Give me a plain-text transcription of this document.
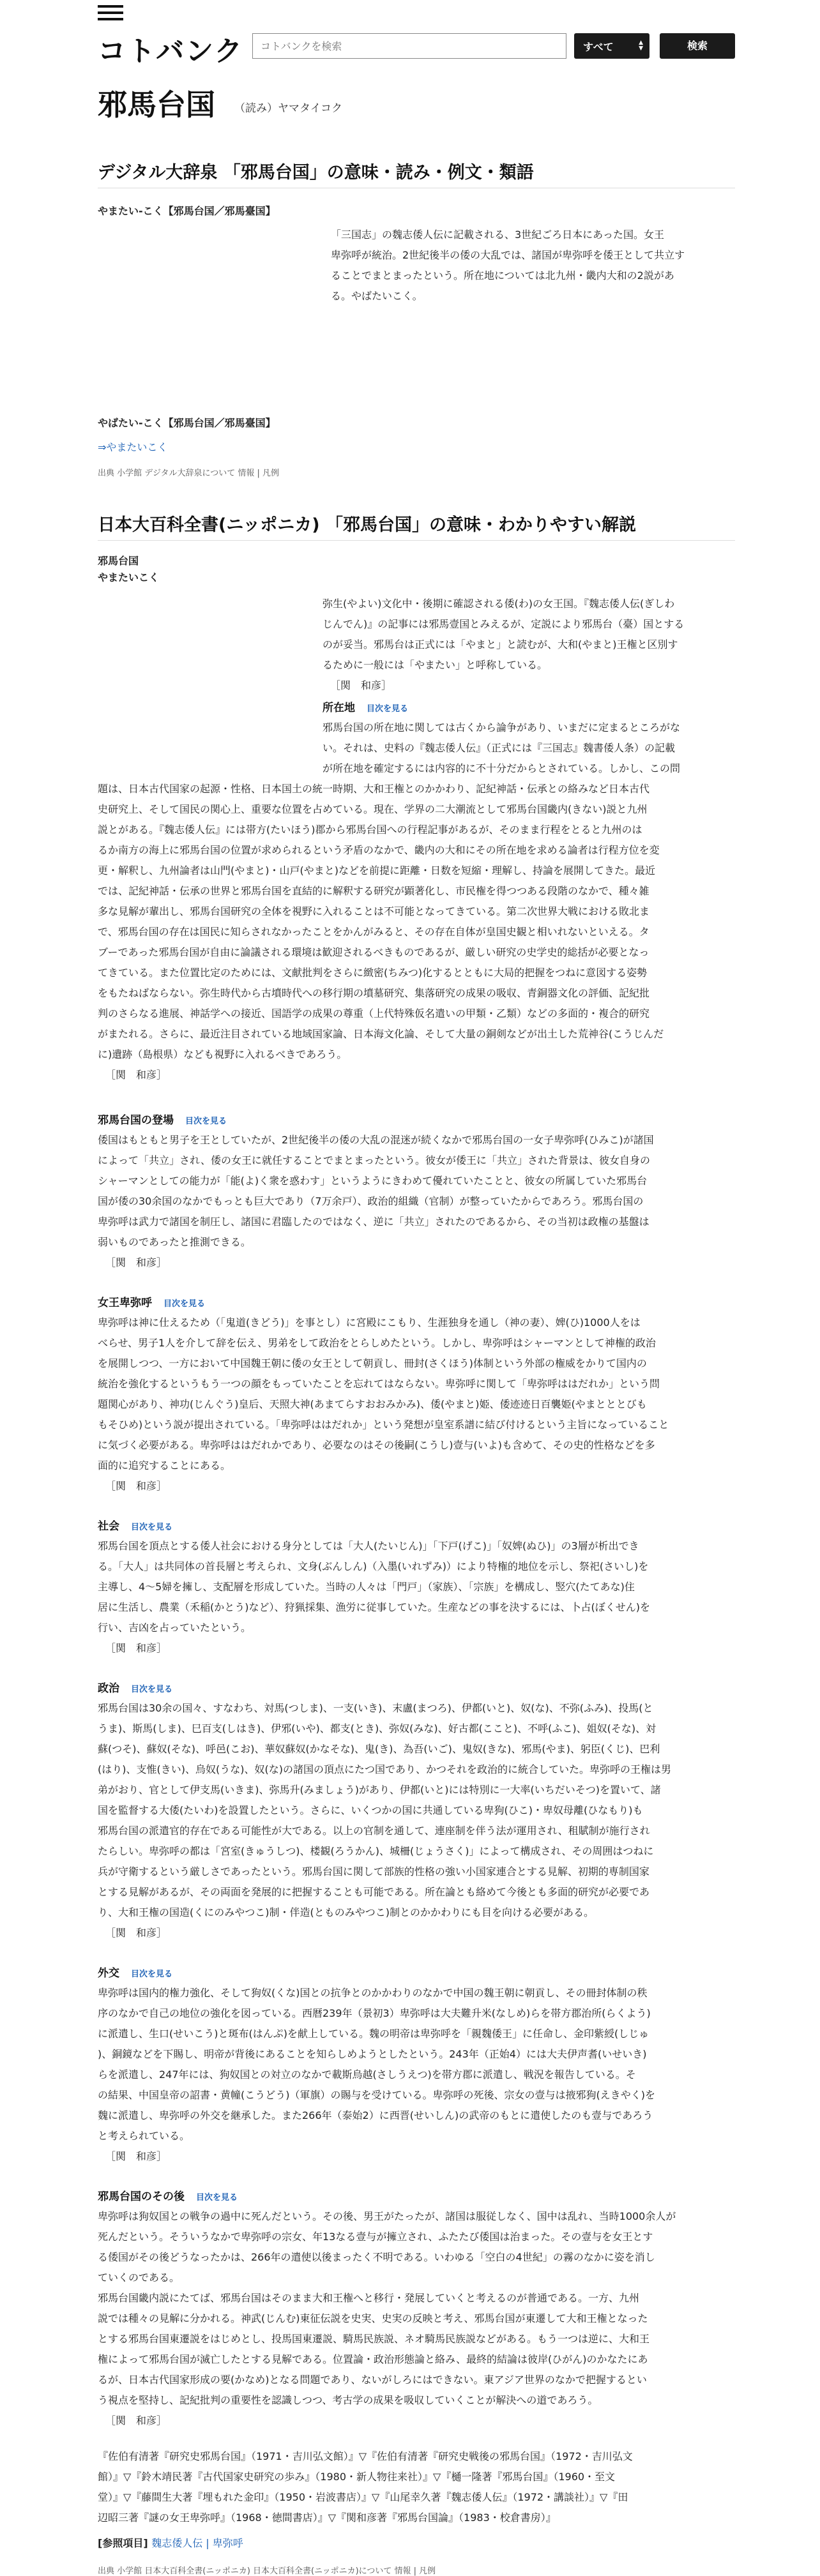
コトバンク
コトバンクを検索	すべて	▲
▼	検索
邪馬台国 （読み）ヤマタイコク
デジタル大辞泉 「邪馬台国」の意味・読み・例文・類語
やまたい‐こく【邪馬台国／邪馬臺国】
「三国志」の魏志倭人伝に記載される、3世紀ごろ日本にあった国。女王
卑弥呼が統治。2世紀後半の倭の大乱では、諸国が卑弥呼を倭王として共立す
ることでまとまったという。所在地については北九州・畿内大和の2説があ
る。やばたいこく。
やばたい‐こく【邪馬台国／邪馬臺国】
⇒やまたいこく
出典 小学館 デジタル大辞泉について 情報 | 凡例
日本大百科全書(ニッポニカ) 「邪馬台国」の意味・わかりやすい解説
邪馬台国
やまたいこく
弥生(やよい)文化中・後期に確認される倭(わ)の女王国。『魏志倭人伝(ぎしわ
じんでん)』の記事には邪馬壹国とみえるが、定説により邪馬台（臺）国とする
のが妥当。邪馬台は正式には「やまと」と読むが、大和(やまと)王権と区別す
るために一般には「やまたい」と呼称している。
［関　和彦］
所在地 目次を見る
邪馬台国の所在地に関しては古くから論争があり、いまだに定まるところがな
い。それは、史料の『魏志倭人伝』（正式には『三国志』魏書倭人条）の記載
が所在地を確定するには内容的に不十分だからとされている。しかし、この問
題は、日本古代国家の起源・性格、日本国土の統一時期、大和王権とのかかわり、記紀神話・伝承との絡みなど日本古代
史研究上、そして国民の関心上、重要な位置を占めている。現在、学界の二大潮流として邪馬台国畿内(きない)説と九州
説とがある。『魏志倭人伝』には帯方(たいほう)郡から邪馬台国への行程記事があるが、そのまま行程をとると九州のは
るか南方の海上に邪馬台国の位置が求められるという矛盾のなかで、畿内の大和にその所在地を求める論者は行程方位を変
更・解釈し、九州論者は山門(やまと)・山戸(やまと)などを前提に距離・日数を短縮・理解し、持論を展開してきた。最近
では、記紀神話・伝承の世界と邪馬台国を直結的に解釈する研究が顕著化し、市民権を得つつある段階のなかで、種々雑
多な見解が輩出し、邪馬台国研究の全体を視野に入れることは不可能となってきている。第二次世界大戦における敗北ま
で、邪馬台国の存在は国民に知らされなかったことをかんがみると、その存在自体が皇国史観と相いれないといえる。タ
ブーであった邪馬台国が自由に論議される環境は歓迎されるべきものであるが、厳しい研究の史学史的総括が必要となっ
てきている。また位置比定のためには、文献批判をさらに緻密(ちみつ)化するとともに大局的把握をつねに意図する姿勢
をもたねばならない。弥生時代から古墳時代への移行期の墳墓研究、集落研究の成果の吸収、青銅器文化の評価、記紀批
判のさらなる進展、神話学への接近、国語学の成果の尊重（上代特殊仮名遣いの甲類・乙類）などの多面的・複合的研究
がまたれる。さらに、最近注目されている地域国家論、日本海文化論、そして大量の銅剣などが出土した荒神谷(こうじんだ
に)遺跡（島根県）なども視野に入れるべきであろう。
［関　和彦］
邪馬台国の登場 目次を見る
倭国はもともと男子を王としていたが、2世紀後半の倭の大乱の混迷が続くなかで邪馬台国の一女子卑弥呼(ひみこ)が諸国
によって「共立」され、倭の女王に就任することでまとまったという。彼女が倭王に「共立」された背景は、彼女自身の
シャーマンとしての能力が「能(よ)く衆を惑わす」というようにきわめて優れていたことと、彼女の所属していた邪馬台
国が倭の30余国のなかでもっとも巨大であり（7万余戸）、政治的組織（官制）が整っていたからであろう。邪馬台国の
卑弥呼は武力で諸国を制圧し、諸国に君臨したのではなく、逆に「共立」されたのであるから、その当初は政権の基盤は
弱いものであったと推測できる。
［関　和彦］
女王卑弥呼 目次を見る
卑弥呼は神に仕えるため（「鬼道(きどう)」を事とし）に宮殿にこもり、生涯独身を通し（神の妻）、婢(ひ)1000人をは
べらせ、男子1人を介して辞を伝え、男弟をして政治をとらしめたという。しかし、卑弥呼はシャーマンとして神権的政治
を展開しつつ、一方において中国魏王朝に倭の女王として朝貢し、冊封(さくほう)体制という外部の権威をかりて国内の
統治を強化するというもう一つの顔をもっていたことを忘れてはならない。卑弥呼に関して「卑弥呼ははだれか」という問
題関心があり、神功(じんぐう)皇后、天照大神(あまてらすおおみかみ)、倭(やまと)姫、倭迹迹日百襲姫(やまとととびも
もそひめ)という説が提出されている。「卑弥呼ははだれか」という発想が皇室系譜に結び付けるという主旨になっていること
に気づく必要がある。卑弥呼ははだれかであり、必要なのはその後嗣(こうし)壹与(いよ)も含めて、その史的性格などを多
面的に追究することにある。
［関　和彦］
社会 目次を見る
邪馬台国を頂点とする倭人社会における身分としては「大人(たいじん)」「下戸(げこ)」「奴婢(ぬひ)」の3層が析出でき
る。「大人」は共同体の首長層と考えられ、文身(ぶんしん)（入墨(いれずみ)）により特権的地位を示し、祭祀(さいし)を
主導し、4～5婦を擁し、支配層を形成していた。当時の人々は「門戸」（家族）、「宗族」を構成し、竪穴(たてあな)住
居に生活し、農業（禾稲(かとう)など）、狩猟採集、漁労に従事していた。生産などの事を決するには、卜占(ぼくせん)を
行い、吉凶を占っていたという。
［関　和彦］
政治 目次を見る
邪馬台国は30余の国々、すなわち、対馬(つしま)、一支(いき)、末盧(まつろ)、伊都(いと)、奴(な)、不弥(ふみ)、投馬(と
うま)、斯馬(しま)、巳百支(しはき)、伊邪(いや)、都支(とき)、弥奴(みな)、好古都(ここと)、不呼(ふこ)、姐奴(そな)、対
蘇(つそ)、蘇奴(そな)、呼邑(こお)、華奴蘇奴(かなそな)、鬼(き)、為吾(いご)、鬼奴(きな)、邪馬(やま)、躬臣(くじ)、巴利
(はり)、支惟(きい)、烏奴(うな)、奴(な)の諸国の頂点にたつ国であり、かつそれを政治的に統合していた。卑弥呼の王権は男
弟がおり、官として伊支馬(いきま)、弥馬升(みましょう)があり、伊都(いと)には特別に一大率(いちだいそつ)を置いて、諸
国を監督する大倭(たいわ)を設置したという。さらに、いくつかの国に共通している卑狗(ひこ)・卑奴母離(ひなもり)も
邪馬台国の派遣官的存在である可能性が大である。以上の官制を通して、連座制を伴う法が運用され、租賦制が施行され
たらしい。卑弥呼の都は「宮室(きゅうしつ)、楼観(ろうかん)、城柵(じょうさく)」によって構成され、その周囲はつねに
兵が守衛するという厳しさであったという。邪馬台国に関して部族的性格の強い小国家連合とする見解、初期的専制国家
とする見解があるが、その両面を発展的に把握することも可能である。所在論とも絡めて今後とも多面的研究が必要であ
り、大和王権の国造(くにのみやつこ)制・伴造(とものみやつこ)制とのかかわりにも目を向ける必要がある。
［関　和彦］
外交 目次を見る
卑弥呼は国内的権力強化、そして狗奴(くな)国との抗争とのかかわりのなかで中国の魏王朝に朝貢し、その冊封体制の秩
序のなかで自己の地位の強化を図っている。西暦239年（景初3）卑弥呼は大夫難升米(なしめ)らを帯方郡治所(らくよう)
に派遣し、生口(せいこう)と斑布(はんぷ)を献上している。魏の明帝は卑弥呼を「親魏倭王」に任命し、金印紫綬(しじゅ
)、銅鏡などを下賜し、明帝が背後にあることを知らしめようとしたという。243年（正始4）には大夫伊声耆(いせいき)
らを派遣し、247年には、狗奴国との対立のなかで載斯烏越(さしうえつ)を帯方郡に派遣し、戦況を報告している。そ
の結果、中国皇帝の詔書・黄幢(こうどう)（軍旗）の賜与を受けている。卑弥呼の死後、宗女の壹与は掖邪狗(えきやく)を
魏に派遣し、卑弥呼の外交を継承した。また266年（泰始2）に西晋(せいしん)の武帝のもとに遣使したのも壹与であろう
と考えられている。
［関　和彦］
邪馬台国のその後 目次を見る
卑弥呼は狗奴国との戦争の過中に死んだという。その後、男王がたったが、諸国は服従しなく、国中は乱れ、当時1000余人が
死んだという。そういうなかで卑弥呼の宗女、年13なる壹与が擁立され、ふたたび倭国は治まった。その壹与を女王とす
る倭国がその後どうなったかは、266年の遣使以後まったく不明である。いわゆる「空白の4世紀」の霧のなかに姿を消し
ていくのである。
邪馬台国畿内説にたてば、邪馬台国はそのまま大和王権へと移行・発展していくと考えるのが普通である。一方、九州
説では種々の見解に分かれる。神武(じんむ)東征伝説を史実、史実の反映と考え、邪馬台国が東遷して大和王権となった
とする邪馬台国東遷説をはじめとし、投馬国東遷説、騎馬民族説、ネオ騎馬民族説などがある。もう一つは逆に、大和王
権によって邪馬台国が滅亡したとする見解である。位置論・政治形態論と絡み、最終的結論は彼岸(ひがん)のかなたにあ
るが、日本古代国家形成の要(かなめ)となる問題であり、ないがしろにはできない。東アジア世界のなかで把握するとい
う視点を堅持し、記紀批判の重要性を認識しつつ、考古学の成果を吸収していくことが解決への道であろう。
［関　和彦］
『佐伯有清著『研究史邪馬台国』（1971・吉川弘文館）』▽『佐伯有清著『研究史戦後の邪馬台国』（1972・吉川弘文
館）』▽『鈴木靖民著『古代国家史研究の歩み』（1980・新人物往来社）』▽『樋一隆著『邪馬台国』（1960・至文
堂）』▽『藤間生大著『埋もれた金印』（1950・岩波書店）』▽『山尾幸久著『魏志倭人伝』（1972・講談社）』▽『田
辺昭三著『謎の女王卑弥呼』（1968・徳間書店）』▽『関和彦著『邪馬台国論』（1983・校倉書房）』
[参照項目] 魏志倭人伝 | 卑弥呼
出典 小学館 日本大百科全書(ニッポニカ) 日本大百科全書(ニッポニカ)について 情報 | 凡例
